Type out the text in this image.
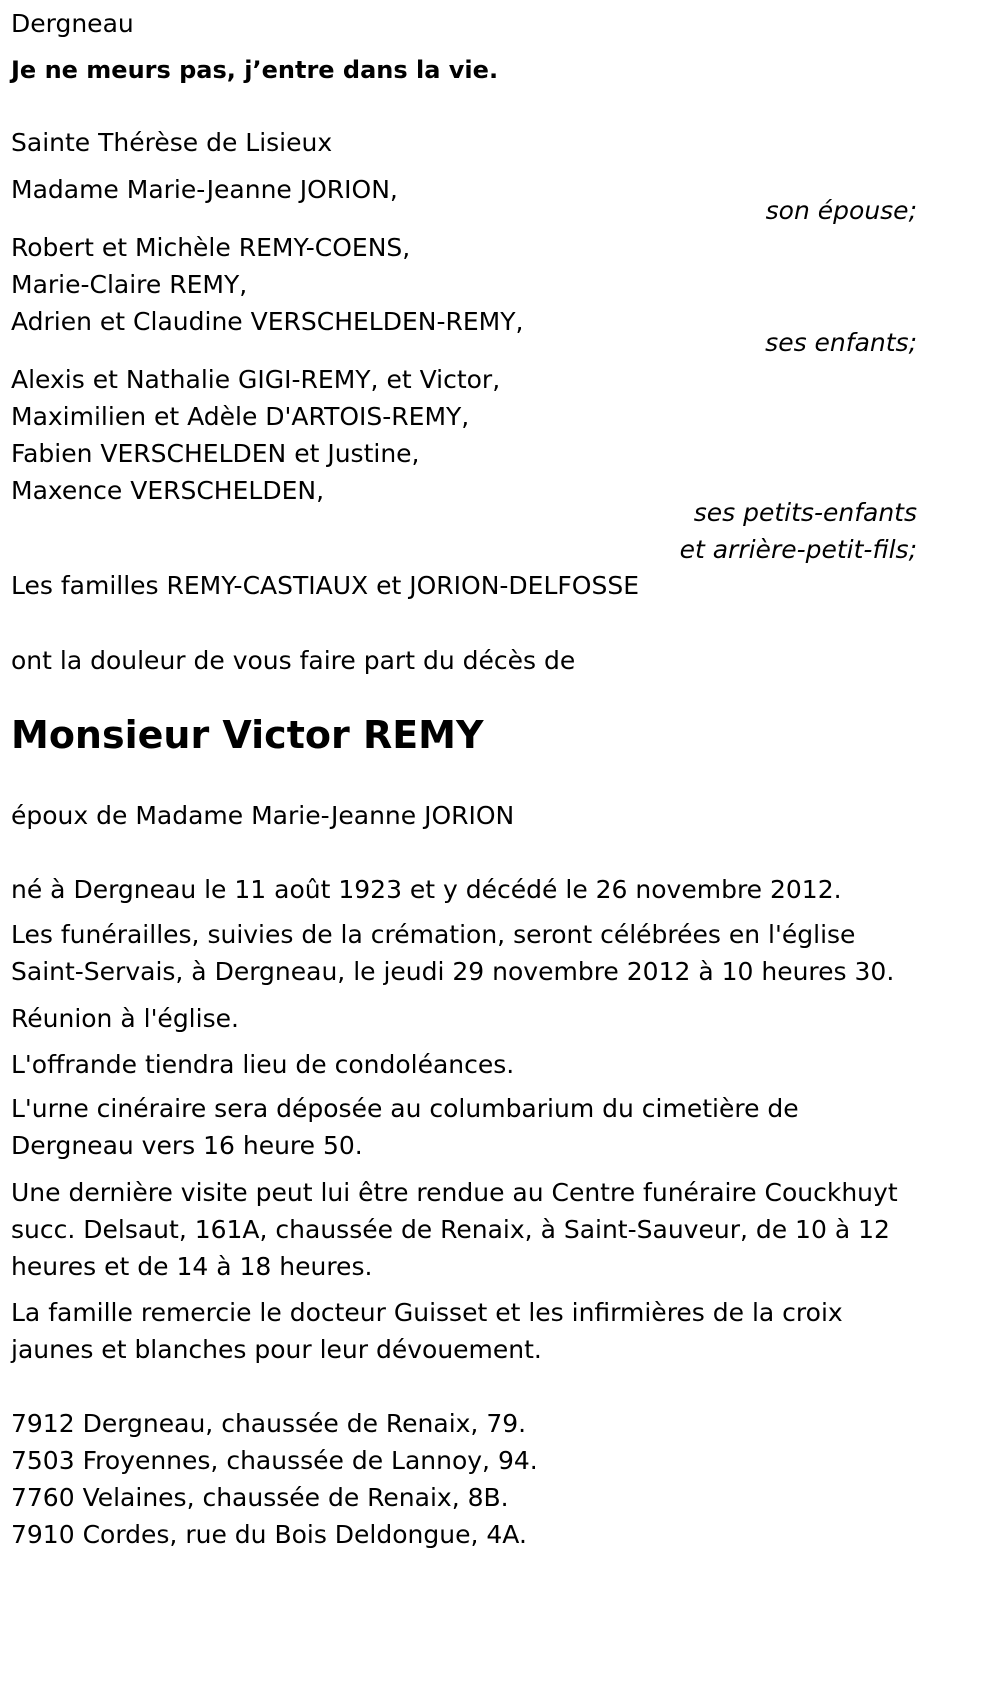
Dergneau
Je ne meurs pas, j’entre dans la vie.
Sainte Thérèse de Lisieux
Madame Marie-Jeanne JORION,
son épouse;
Robert et Michèle REMY-COENS,
Marie-Claire REMY,
Adrien et Claudine VERSCHELDEN-REMY,
ses enfants;
Alexis et Nathalie GIGI-REMY, et Victor,
Maximilien et Adèle D'ARTOIS-REMY,
Fabien VERSCHELDEN et Justine,
Maxence VERSCHELDEN,
ses petits-enfants
et arrière-petit-fils;
Les familles REMY-CASTIAUX et JORION-DELFOSSE
ont la douleur de vous faire part du décès de
Monsieur Victor REMY
époux de Madame Marie-Jeanne JORION
né à Dergneau le 11 août 1923 et y décédé le 26 novembre 2012.
Les funérailles, suivies de la crémation, seront célébrées en l'église Saint-Servais, à Dergneau, le jeudi 29 novembre 2012 à 10 heures 30.
Réunion à l'église.
L'offrande tiendra lieu de condoléances.
L'urne cinéraire sera déposée au columbarium du cimetière de Dergneau vers 16 heure 50.
Une dernière visite peut lui être rendue au Centre funéraire Couckhuyt succ. Delsaut, 161A, chaussée de Renaix, à Saint-Sauveur, de 10 à 12 heures et de 14 à 18 heures.
La famille remercie le docteur Guisset et les infirmières de la croix jaunes et blanches pour leur dévouement.
7912 Dergneau, chaussée de Renaix, 79.
7503 Froyennes, chaussée de Lannoy, 94.
7760 Velaines, chaussée de Renaix, 8B.
7910 Cordes, rue du Bois Deldongue, 4A.
